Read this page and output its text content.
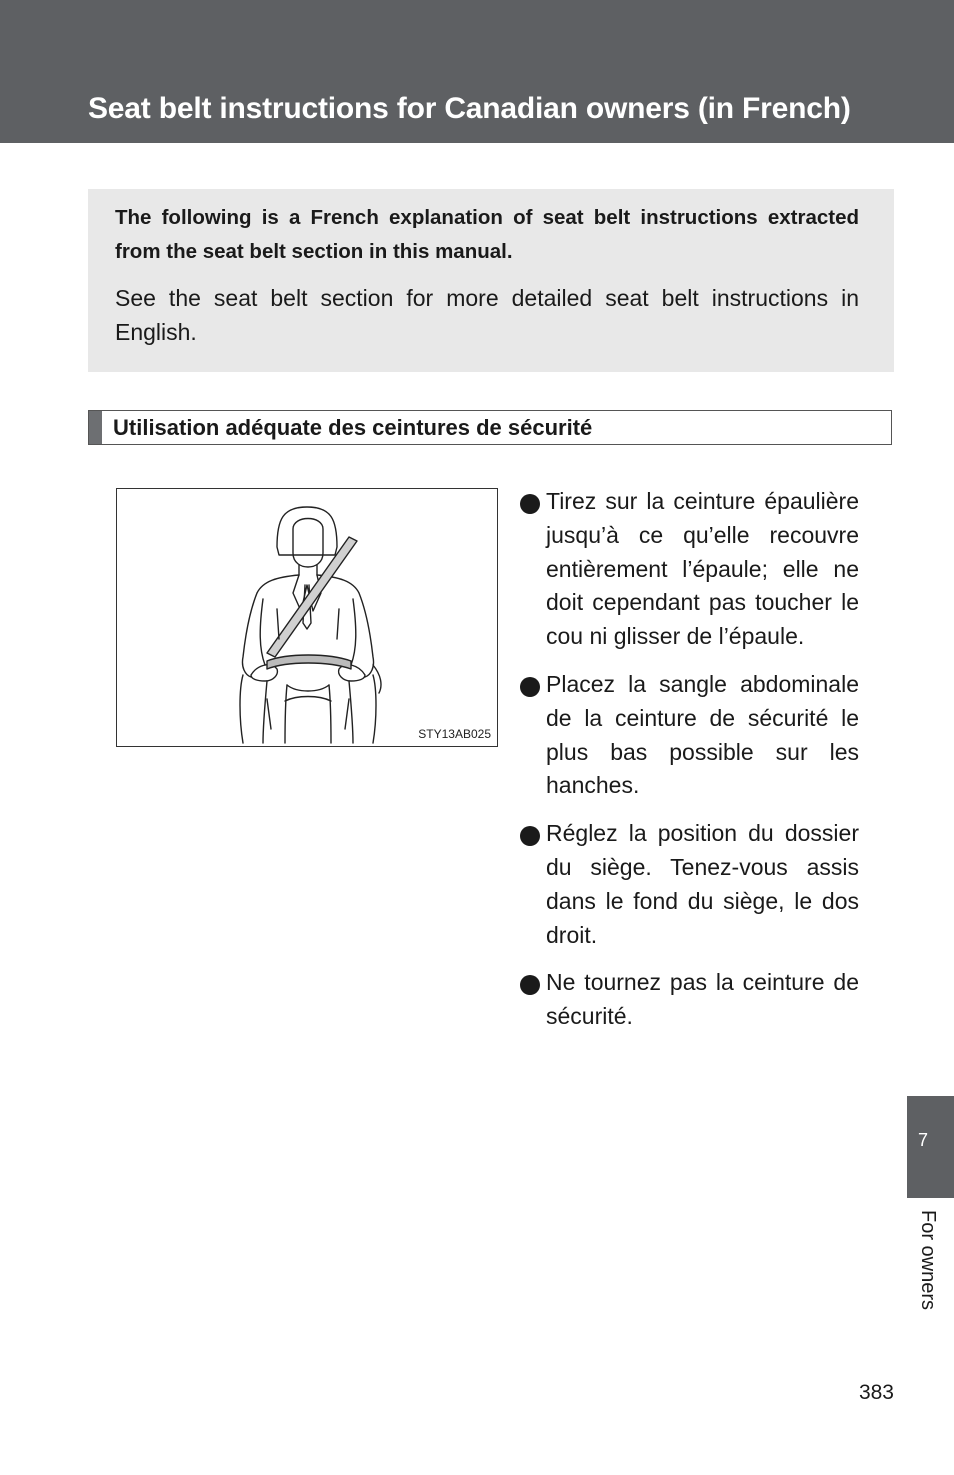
Seat belt instructions for Canadian owners (in French)

The following is a French explanation of seat belt instructions extracted from the seat belt section in this manual.

See the seat belt section for more detailed seat belt instructions in English.

Utilisation adéquate des ceintures de sécurité
STY13AB025
Tirez sur la ceinture épaulière jusqu’à ce qu’elle recouvre entièrement l’épaule; elle ne doit cependant pas toucher le cou ni glisser de l’épaule.
Placez la sangle abdominale de la ceinture de sécurité le plus bas possible sur les hanches.
Réglez la position du dossier du siège. Tenez-vous assis dans le fond du siège, le dos droit.
Ne tournez pas la ceinture de sécurité.
7
For owners
383
